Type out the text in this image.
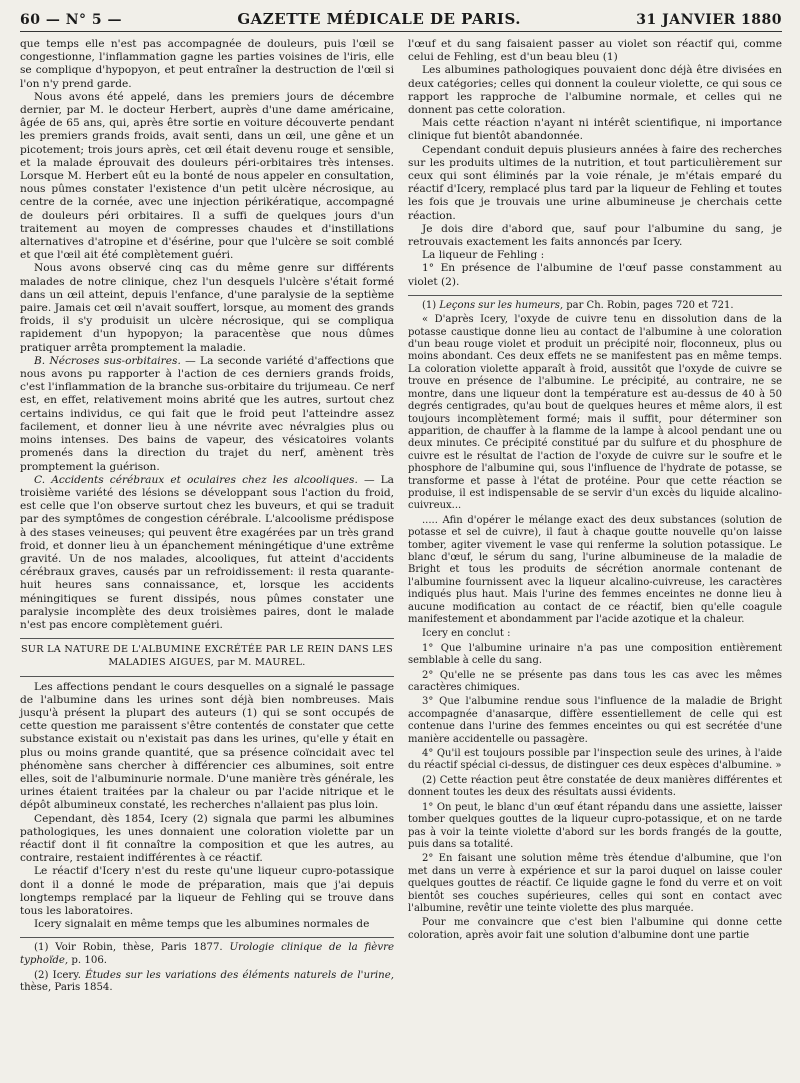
60 — N° 5 —	GAZETTE MÉDICALE DE PARIS.	31 JANVIER 1880

que temps elle n'est pas accompagnée de douleurs, puis l'œil se congestionne, l'inflammation gagne les parties voisines de l'iris, elle se complique d'hypopyon, et peut entraîner la destruction de l'œil si l'on n'y prend garde.

Nous avons été appelé, dans les premiers jours de décembre dernier, par M. le docteur Herbert, auprès d'une dame américaine, âgée de 65 ans, qui, après être sortie en voiture découverte pendant les premiers grands froids, avait senti, dans un œil, une gêne et un picotement; trois jours après, cet œil était devenu rouge et sensible, et la malade éprouvait des douleurs péri-orbitaires très intenses. Lorsque M. Herbert eût eu la bonté de nous appeler en consultation, nous pûmes constater l'existence d'un petit ulcère nécrosique, au centre de la cornée, avec une injection périkératique, accompagné de douleurs péri orbitaires. Il a suffi de quelques jours d'un traitement au moyen de compresses chaudes et d'instillations alternatives d'atropine et d'ésérine, pour que l'ulcère se soit comblé et que l'œil ait été complètement guéri.

Nous avons observé cinq cas du même genre sur différents malades de notre clinique, chez l'un desquels l'ulcère s'était formé dans un œil atteint, depuis l'enfance, d'une paralysie de la septième paire. Jamais cet œil n'avait souffert, lorsque, au moment des grands froids, il s'y produisit un ulcère nécrosique, qui se compliqua rapidement d'un hypopyon; la paracentèse que nous dûmes pratiquer arrêta promptement la maladie.

B. Nécroses sus-orbitaires. — La seconde variété d'affections que nous avons pu rapporter à l'action de ces derniers grands froids, c'est l'inflammation de la branche sus-orbitaire du trijumeau. Ce nerf est, en effet, relativement moins abrité que les autres, surtout chez certains individus, ce qui fait que le froid peut l'atteindre assez facilement, et donner lieu à une névrite avec névralgies plus ou moins intenses. Des bains de vapeur, des vésicatoires volants promenés dans la direction du trajet du nerf, amènent très promptement la guérison.

C. Accidents cérébraux et oculaires chez les alcooliques. — La troisième variété des lésions se développant sous l'action du froid, est celle que l'on observe surtout chez les buveurs, et qui se traduit par des symptômes de congestion cérébrale. L'alcoolisme prédispose à des stases veineuses; qui peuvent être exagérées par un très grand froid, et donner lieu à un épanchement méningétique d'une extrême gravité. Un de nos malades, alcooliques, fut atteint d'accidents cérébraux graves, causés par un refroidissement: il resta quarante-huit heures sans connaissance, et, lorsque les accidents méningitiques se furent dissipés, nous pûmes constater une paralysie incomplète des deux troisièmes paires, dont le malade n'est pas encore complètement guéri.

SUR LA NATURE DE L'ALBUMINE EXCRÉTÉE PAR LE REIN DANS LES MALADIES AIGUES, par M. MAUREL.

Les affections pendant le cours desquelles on a signalé le passage de l'albumine dans les urines sont déjà bien nombreuses. Mais jusqu'à présent la plupart des auteurs (1) qui se sont occupés de cette question me paraissent s'être contentés de constater que cette substance existait ou n'existait pas dans les urines, qu'elle y était en plus ou moins grande quantité, que sa présence coïncidait avec tel phénomène sans chercher à différencier ces albumines, soit entre elles, soit de l'albuminurie normale. D'une manière très générale, les urines étaient traitées par la chaleur ou par l'acide nitrique et le dépôt albumineux constaté, les recherches n'allaient pas plus loin.

Cependant, dès 1854, Icery (2) signala que parmi les albumines pathologiques, les unes donnaient une coloration violette par un réactif dont il fit connaître la composition et que les autres, au contraire, restaient indifférentes à ce réactif.

Le réactif d'Icery n'est du reste qu'une liqueur cupro-potassique dont il a donné le mode de préparation, mais que j'ai depuis longtemps remplacé par la liqueur de Fehling qui se trouve dans tous les laboratoires.

Icery signalait en même temps que les albumines normales de

(1) Voir Robin, thèse, Paris 1877. Urologie clinique de la fièvre typhoïde, p. 106.

(2) Icery. Études sur les variations des éléments naturels de l'urine, thèse, Paris 1854.

l'œuf et du sang faisaient passer au violet son réactif qui, comme celui de Fehling, est d'un beau bleu (1)

Les albumines pathologiques pouvaient donc déjà être divisées en deux catégories; celles qui donnent la couleur violette, ce qui sous ce rapport les rapproche de l'albumine normale, et celles qui ne donnent pas cette coloration.

Mais cette réaction n'ayant ni intérêt scientifique, ni importance clinique fut bientôt abandonnée.

Cependant conduit depuis plusieurs années à faire des recherches sur les produits ultimes de la nutrition, et tout particulièrement sur ceux qui sont éliminés par la voie rénale, je m'étais emparé du réactif d'Icery, remplacé plus tard par la liqueur de Fehling et toutes les fois que je trouvais une urine albumineuse je cherchais cette réaction.

Je dois dire d'abord que, sauf pour l'albumine du sang, je retrouvais exactement les faits annoncés par Icery.

La liqueur de Fehling :

1° En présence de l'albumine de l'œuf passe constamment au violet (2).

(1) Leçons sur les humeurs, par Ch. Robin, pages 720 et 721.

« D'après Icery, l'oxyde de cuivre tenu en dissolution dans de la potasse caustique donne lieu au contact de l'albumine à une coloration d'un beau rouge violet et produit un précipité noir, floconneux, plus ou moins abondant. Ces deux effets ne se manifestent pas en même temps. La coloration violette apparaît à froid, aussitôt que l'oxyde de cuivre se trouve en présence de l'albumine. Le précipité, au contraire, ne se montre, dans une liqueur dont la température est au-dessus de 40 à 50 degrés centigrades, qu'au bout de quelques heures et même alors, il est toujours incomplètement formé; mais il suffit, pour déterminer son apparition, de chauffer à la flamme de la lampe à alcool pendant une ou deux minutes. Ce précipité constitué par du sulfure et du phosphure de cuivre est le résultat de l'action de l'oxyde de cuivre sur le soufre et le phosphore de l'albumine qui, sous l'influence de l'hydrate de potasse, se transforme et passe à l'état de protéine. Pour que cette réaction se produise, il est indispensable de se servir d'un excès du liquide alcalino-cuivreux...

..... Afin d'opérer le mélange exact des deux substances (solution de potasse et sel de cuivre), il faut à chaque goutte nouvelle qu'on laisse tomber, agiter vivement le vase qui renferme la solution potassique. Le blanc d'œuf, le sérum du sang, l'urine albumineuse de la maladie de Bright et tous les produits de sécrétion anormale contenant de l'albumine fournissent avec la liqueur alcalino-cuivreuse, les caractères indiqués plus haut. Mais l'urine des femmes enceintes ne donne lieu à aucune modification au contact de ce réactif, bien qu'elle coagule manifestement et abondamment par l'acide azotique et la chaleur.

Icery en conclut :

1° Que l'albumine urinaire n'a pas une composition entièrement semblable à celle du sang.

2° Qu'elle ne se présente pas dans tous les cas avec les mêmes caractères chimiques.

3° Que l'albumine rendue sous l'influence de la maladie de Bright accompagnée d'anasarque, diffère essentiellement de celle qui est contenue dans l'urine des femmes enceintes ou qui est secrétée d'une manière accidentelle ou passagère.

4° Qu'il est toujours possible par l'inspection seule des urines, à l'aide du réactif spécial ci-dessus, de distinguer ces deux espèces d'albumine. »

(2) Cette réaction peut être constatée de deux manières différentes et donnent toutes les deux des résultats aussi évidents.

1° On peut, le blanc d'un œuf étant répandu dans une assiette, laisser tomber quelques gouttes de la liqueur cupro-potassique, et on ne tarde pas à voir la teinte violette d'abord sur les bords frangés de la goutte, puis dans sa totalité.

2° En faisant une solution même très étendue d'albumine, que l'on met dans un verre à expérience et sur la paroi duquel on laisse couler quelques gouttes de réactif. Ce liquide gagne le fond du verre et on voit bientôt ses couches supérieures, celles qui sont en contact avec l'albumine, revêtir une teinte violette des plus marquée.

Pour me convaincre que c'est bien l'albumine qui donne cette coloration, après avoir fait une solution d'albumine dont une partie
